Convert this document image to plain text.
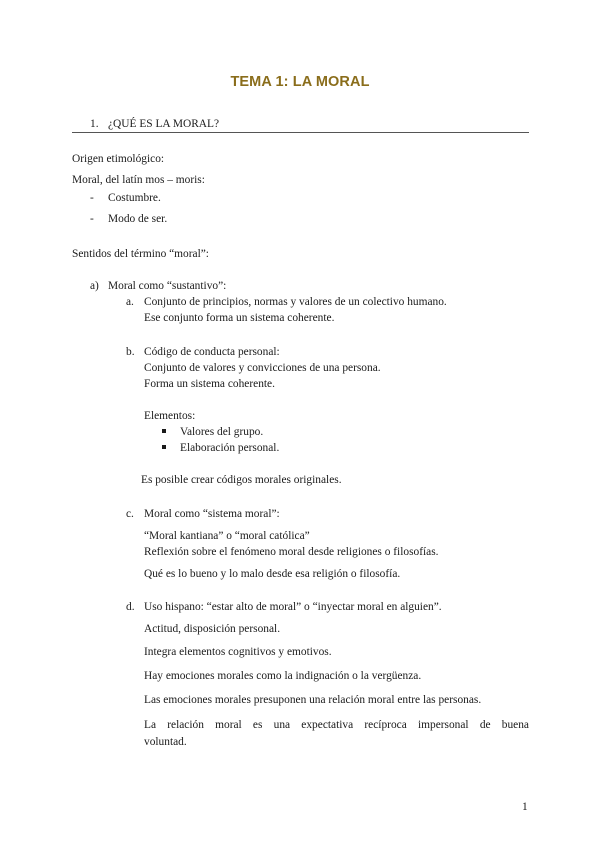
TEMA 1: LA MORAL
1. ¿QUÉ ES LA MORAL?
Origen etimológico:
Moral, del latín mos – moris:
- Costumbre.
- Modo de ser.
Sentidos del término “moral”:
a) Moral como “sustantivo”:
a. Conjunto de principios, normas y valores de un colectivo humano.
Ese conjunto forma un sistema coherente.
b. Código de conducta personal:
Conjunto de valores y convicciones de una persona.
Forma un sistema coherente.
Elementos:
Valores del grupo.
Elaboración personal.
Es posible crear códigos morales originales.
c. Moral como “sistema moral”:
“Moral kantiana” o “moral católica”
Reflexión sobre el fenómeno moral desde religiones o filosofías.
Qué es lo bueno y lo malo desde esa religión o filosofía.
d. Uso hispano: “estar alto de moral” o “inyectar moral en alguien”.
Actitud, disposición personal.
Integra elementos cognitivos y emotivos.
Hay emociones morales como la indignación o la vergüenza.
Las emociones morales presuponen una relación moral entre las personas.
La relación moral es una expectativa recíproca impersonal de buena
voluntad.
1
